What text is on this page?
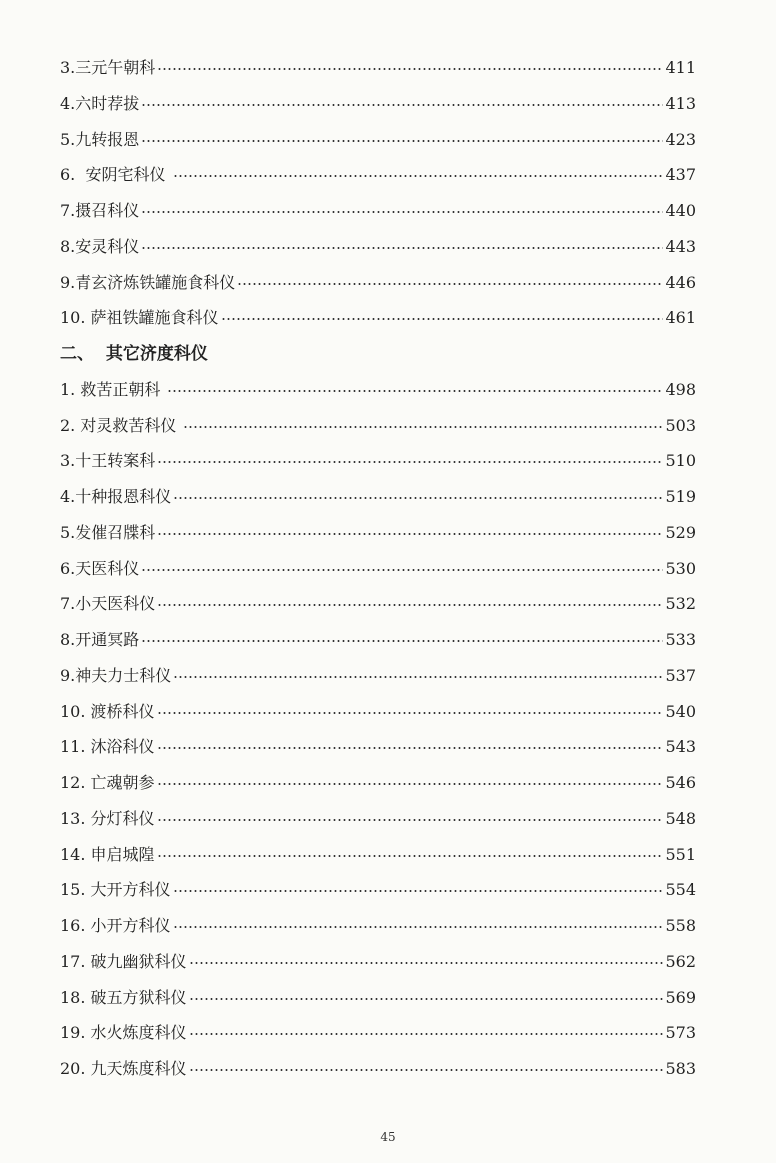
3.三元午朝科	411
4.六时荐拔	413
5.九转报恩	423
6.  安阴宅科仪	437
7.摄召科仪	440
8.安灵科仪	443
9.青玄济炼铁罐施食科仪	446
10. 萨祖铁罐施食科仪	461
二、  其它济度科仪
1. 救苦正朝科	498
2. 对灵救苦科仪	503
3.十王转案科	510
4.十种报恩科仪	519
5.发催召牒科	529
6.天医科仪	530
7.小天医科仪	532
8.开通冥路	533
9.神夫力士科仪	537
10. 渡桥科仪	540
11. 沐浴科仪	543
12. 亡魂朝参	546
13. 分灯科仪	548
14. 申启城隍	551
15. 大开方科仪	554
16. 小开方科仪	558
17. 破九幽狱科仪	562
18. 破五方狱科仪	569
19. 水火炼度科仪	573
20. 九天炼度科仪	583
45
